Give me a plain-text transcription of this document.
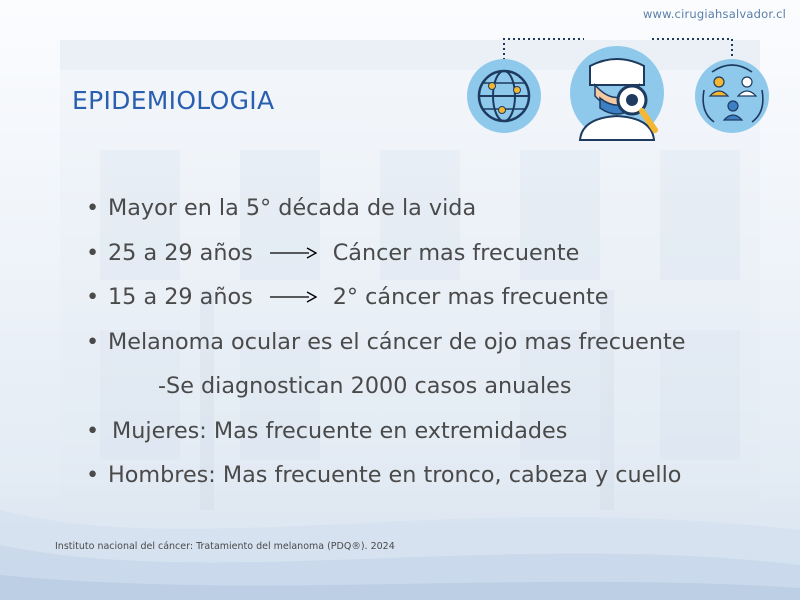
www.cirugiahsalvador.cl
EPIDEMIOLOGIA
• Mayor en la 5° década de la vida
• 25 a 29 años	Cáncer mas frecuente
• 15 a 29 años	2° cáncer mas frecuente
• Melanoma ocular es el cáncer de ojo mas frecuente
-Se diagnostican 2000 casos anuales
• Mujeres: Mas frecuente en extremidades
• Hombres: Mas frecuente en tronco, cabeza y cuello
Instituto nacional del cáncer: Tratamiento del melanoma (PDQ®). 2024
